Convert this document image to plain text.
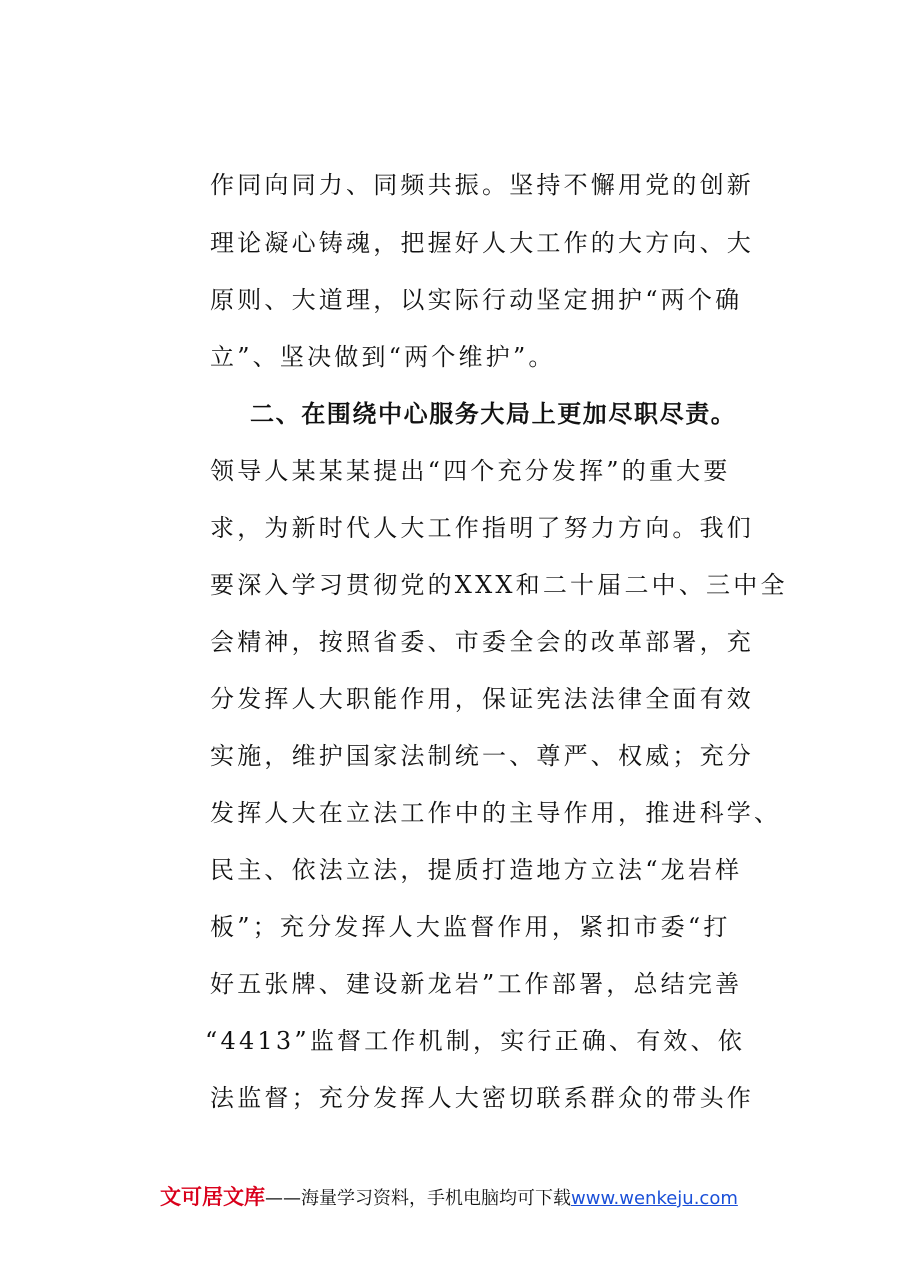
作同向同力、同频共振。坚持不懈用党的创新
理论凝心铸魂，把握好人大工作的大方向、大
原则、大道理，以实际行动坚定拥护“两个确
立”、坚决做到“两个维护”。
二、在围绕中心服务大局上更加尽职尽责。
领导人某某某提出“四个充分发挥”的重大要
求，为新时代人大工作指明了努力方向。我们
要深入学习贯彻党的XXX和二十届二中、三中全
会精神，按照省委、市委全会的改革部署，充
分发挥人大职能作用，保证宪法法律全面有效
实施，维护国家法制统一、尊严、权威；充分
发挥人大在立法工作中的主导作用，推进科学、
民主、依法立法，提质打造地方立法“龙岩样
板”；充分发挥人大监督作用，紧扣市委“打
好五张牌、建设新龙岩”工作部署，总结完善
“4413”监督工作机制，实行正确、有效、依
法监督；充分发挥人大密切联系群众的带头作
文可居文库——海量学习资料，手机电脑均可下载www.wenkeju.com
